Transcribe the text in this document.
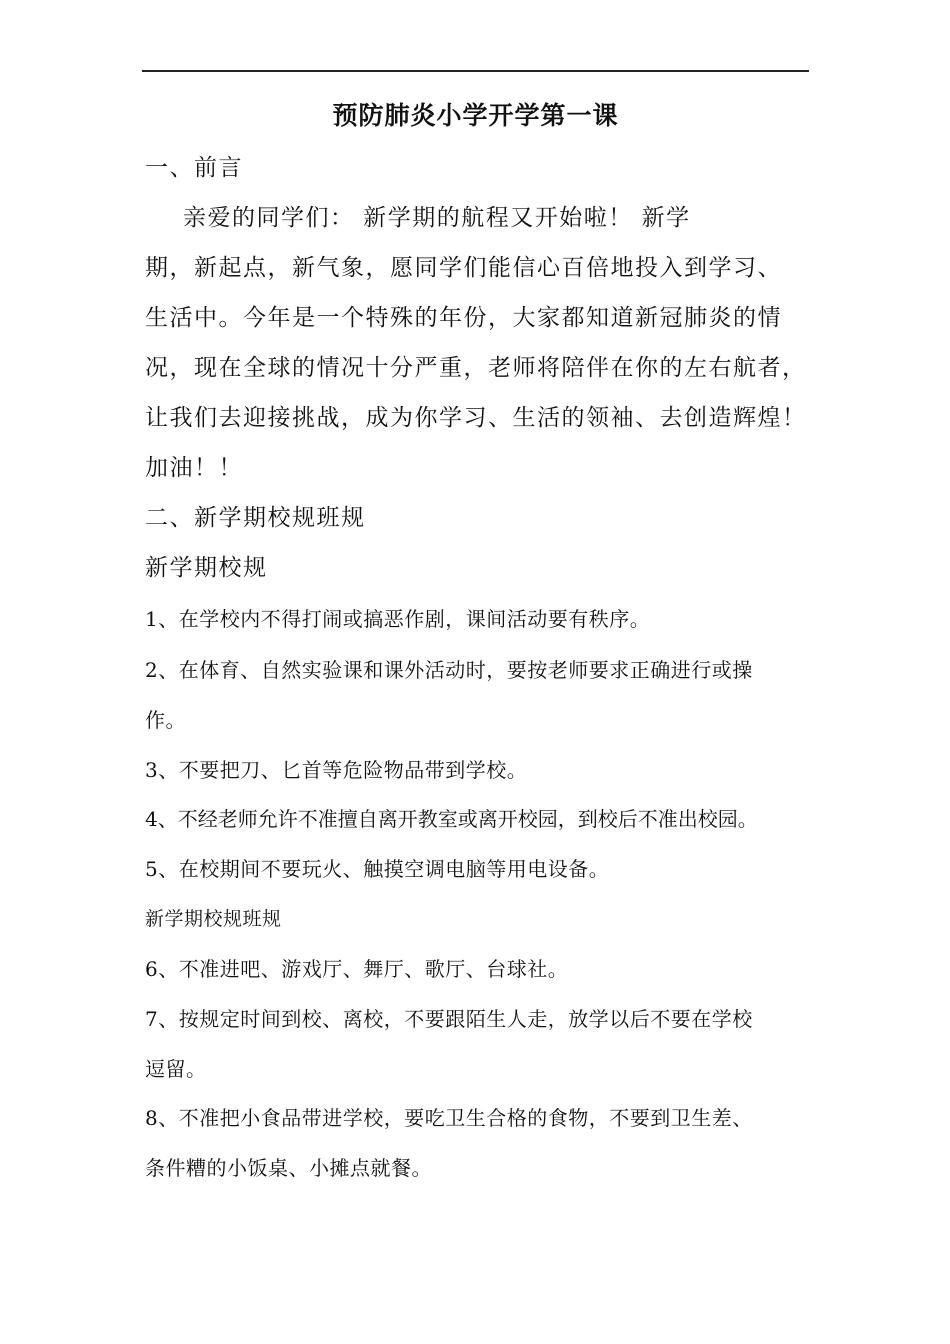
预防肺炎小学开学第一课
一、前言
亲爱的同学们： 新学期的航程又开始啦！ 新学
期，新起点，新气象，愿同学们能信心百倍地投入到学习、
生活中。今年是一个特殊的年份，大家都知道新冠肺炎的情
况，现在全球的情况十分严重，老师将陪伴在你的左右航者，
让我们去迎接挑战，成为你学习、生活的领袖、去创造辉煌！
加油！！
二、新学期校规班规
新学期校规
1、在学校内不得打闹或搞恶作剧，课间活动要有秩序。
2、在体育、自然实验课和课外活动时，要按老师要求正确进行或操
作。
3、不要把刀、匕首等危险物品带到学校。
4、不经老师允许不准擅自离开教室或离开校园，到校后不准出校园。
5、在校期间不要玩火、触摸空调电脑等用电设备。
新学期校规班规
6、不准进吧、游戏厅、舞厅、歌厅、台球社。
7、按规定时间到校、离校，不要跟陌生人走，放学以后不要在学校
逗留。
8、不准把小食品带进学校，要吃卫生合格的食物，不要到卫生差、
条件糟的小饭桌、小摊点就餐。
